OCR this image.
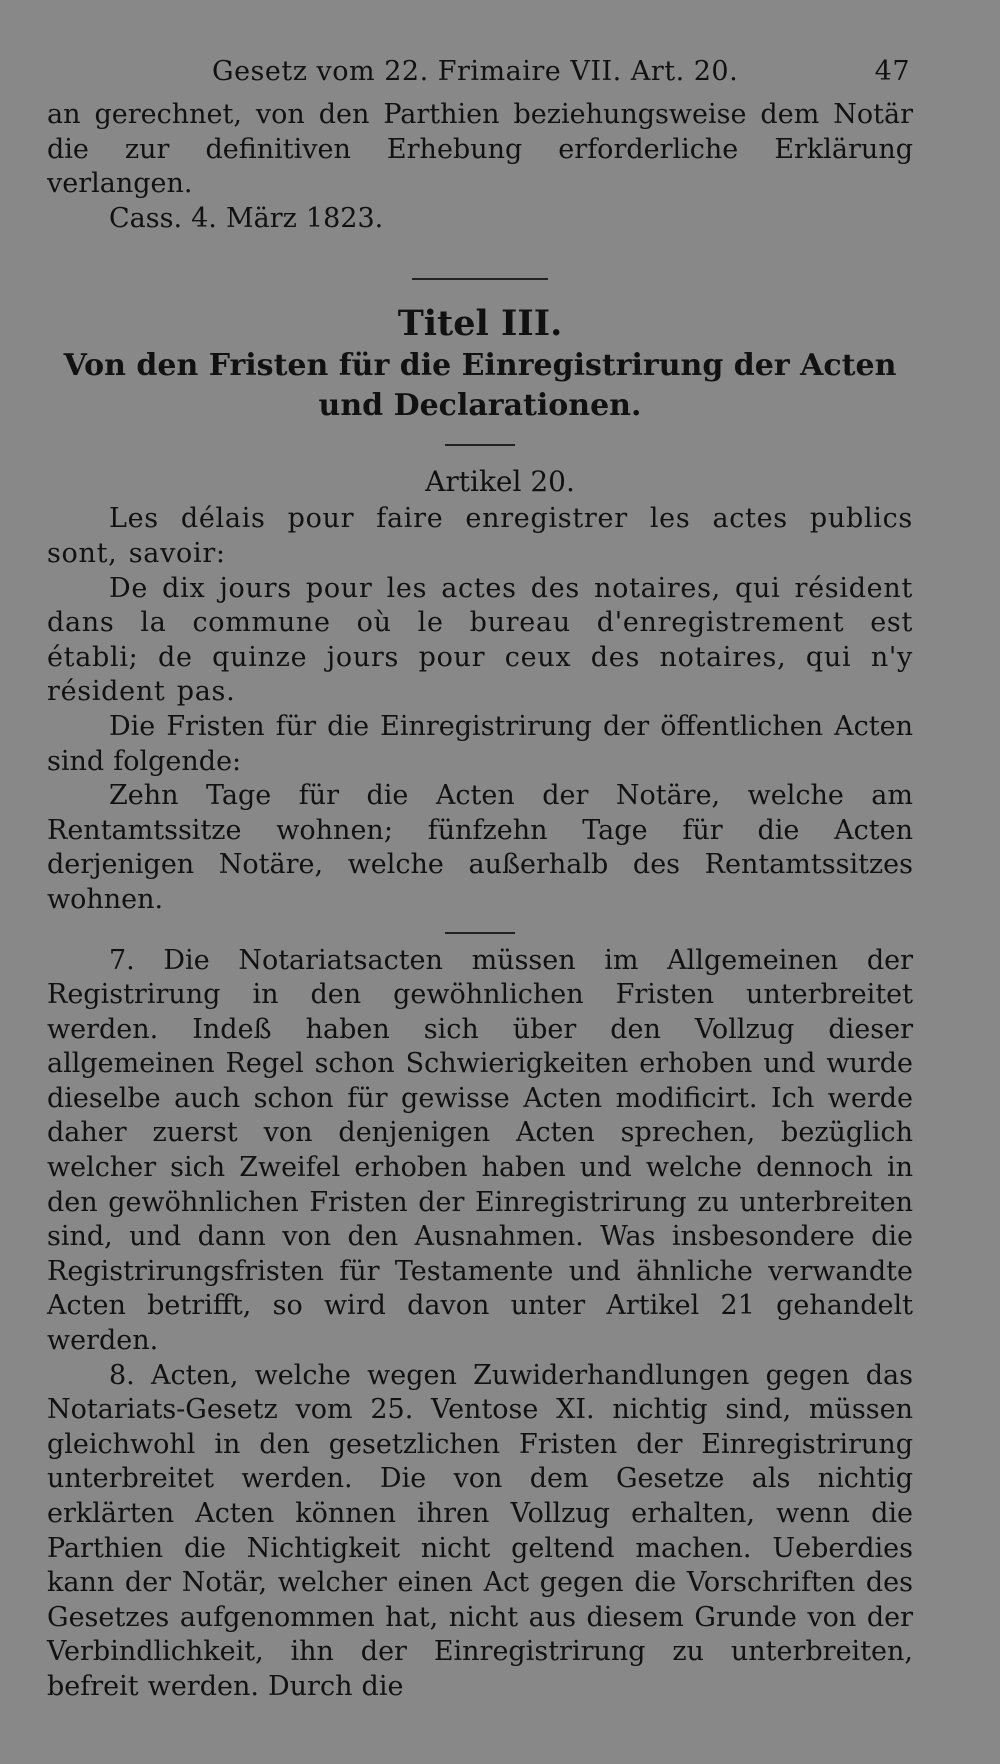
Gesetz vom 22. Frimaire VII. Art. 20.	47

an gerechnet, von den Parthien beziehungsweise dem Notär die zur definitiven Erhebung erforderliche Erklärung verlangen.

Cass. 4. März 1823.

Titel III.
Von den Fristen für die Einregistrirung der Acten und Declarationen.
Artikel 20.

Les délais pour faire enregistrer les actes publics sont, savoir:

De dix jours pour les actes des notaires, qui résident dans la commune où le bureau d'enregistrement est établi; de quinze jours pour ceux des notaires, qui n'y résident pas.

Die Fristen für die Einregistrirung der öffentlichen Acten sind folgende:

Zehn Tage für die Acten der Notäre, welche am Rentamtssitze wohnen; fünfzehn Tage für die Acten derjenigen Notäre, welche außerhalb des Rentamtssitzes wohnen.

7. Die Notariatsacten müssen im Allgemeinen der Registrirung in den gewöhnlichen Fristen unterbreitet werden. Indeß haben sich über den Vollzug dieser allgemeinen Regel schon Schwierigkeiten erhoben und wurde dieselbe auch schon für gewisse Acten modificirt. Ich werde daher zuerst von denjenigen Acten sprechen, bezüglich welcher sich Zweifel erhoben haben und welche dennoch in den gewöhnlichen Fristen der Einregistrirung zu unterbreiten sind, und dann von den Ausnahmen. Was insbesondere die Registrirungsfristen für Testamente und ähnliche verwandte Acten betrifft, so wird davon unter Artikel 21 gehandelt werden.

8. Acten, welche wegen Zuwiderhandlungen gegen das Notariats-Gesetz vom 25. Ventose XI. nichtig sind, müssen gleichwohl in den gesetzlichen Fristen der Einregistrirung unterbreitet werden. Die von dem Gesetze als nichtig erklärten Acten können ihren Vollzug erhalten, wenn die Parthien die Nichtigkeit nicht geltend machen. Ueberdies kann der Notär, welcher einen Act gegen die Vorschriften des Gesetzes aufgenommen hat, nicht aus diesem Grunde von der Verbindlichkeit, ihn der Einregistrirung zu unterbreiten, befreit werden. Durch die
